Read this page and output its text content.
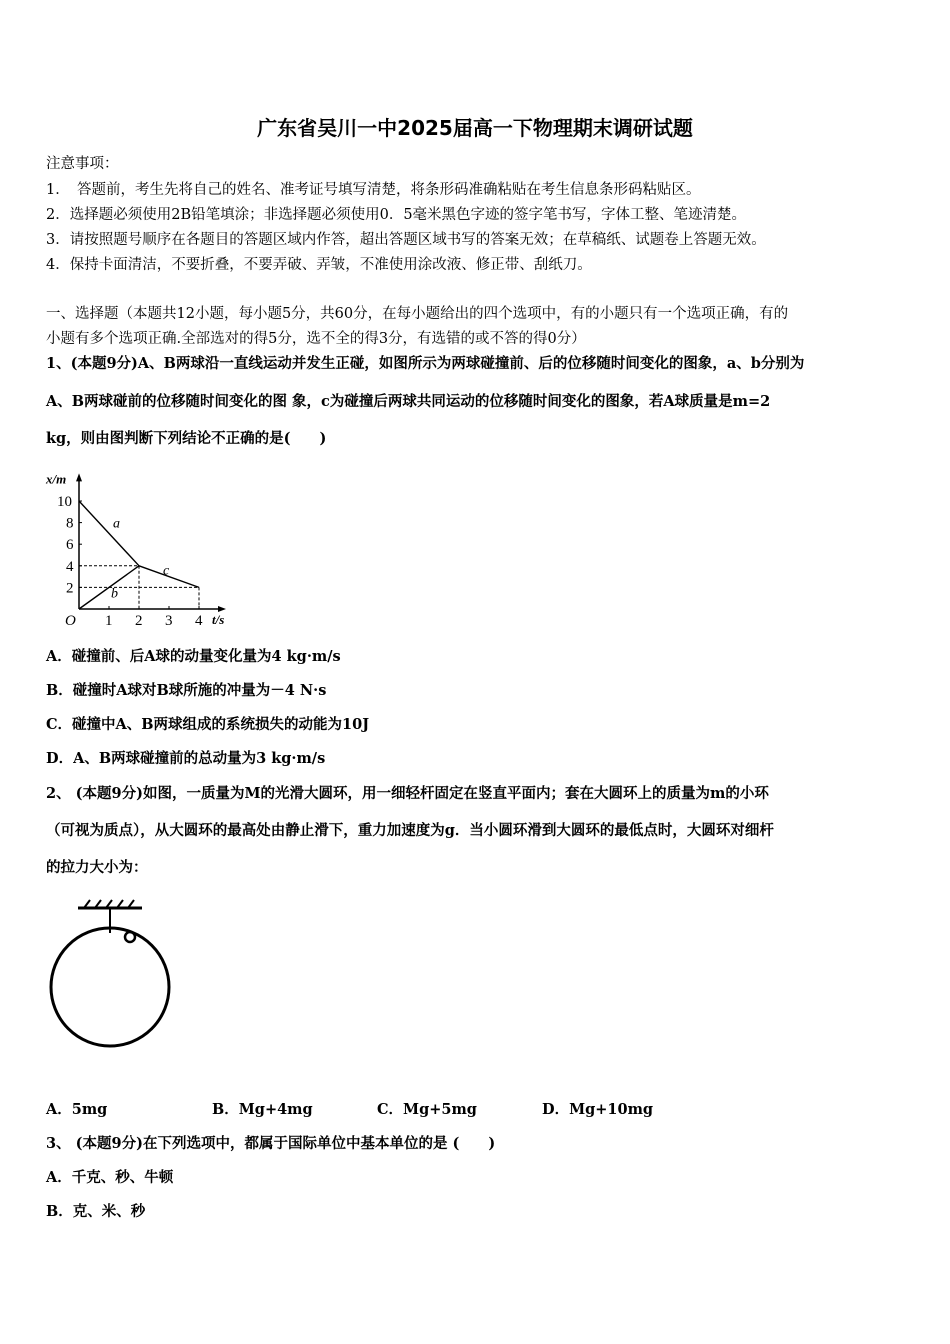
广东省吴川一中2025届高一下物理期末调研试题
注意事项：
1．　答题前，考生先将自己的姓名、准考证号填写清楚，将条形码准确粘贴在考生信息条形码粘贴区。
2．选择题必须使用2B铅笔填涂；非选择题必须使用0．5毫米黑色字迹的签字笔书写，字体工整、笔迹清楚。
3．请按照题号顺序在各题目的答题区域内作答，超出答题区域书写的答案无效；在草稿纸、试题卷上答题无效。
4．保持卡面清洁，不要折叠，不要弄破、弄皱，不准使用涂改液、修正带、刮纸刀。
一、选择题（本题共12小题，每小题5分，共60分，在每小题给出的四个选项中，有的小题只有一个选项正确，有的
小题有多个选项正确.全部选对的得5分，选不全的得3分，有选错的或不答的得0分）
1、(本题9分)A、B两球沿一直线运动并发生正碰，如图所示为两球碰撞前、后的位移随时间变化的图象，a、b分别为
A、B两球碰前的位移随时间变化的图 象，c为碰撞后两球共同运动的位移随时间变化的图象，若A球质量是m=2
kg，则由图判断下列结论不正确的是(　　)
x/m
t/s
O 1 2 3 4
2
4
6
8
10
a
b
c
A．碰撞前、后A球的动量变化量为4 kg·m/s
B．碰撞时A球对B球所施的冲量为－4 N·s
C．碰撞中A、B两球组成的系统损失的动能为10J
D．A、B两球碰撞前的总动量为3 kg·m/s
2、 (本题9分)如图，一质量为M的光滑大圆环，用一细轻杆固定在竖直平面内；套在大圆环上的质量为m的小环
（可视为质点），从大圆环的最高处由静止滑下，重力加速度为g．当小圆环滑到大圆环的最低点时，大圆环对细杆
的拉力大小为：
A．5mg	B．Mg+4mg	C．Mg+5mg	D．Mg+10mg
3、 (本题9分)在下列选项中，都属于国际单位中基本单位的是 (　　)
A．千克、秒、牛顿
B．克、米、秒
